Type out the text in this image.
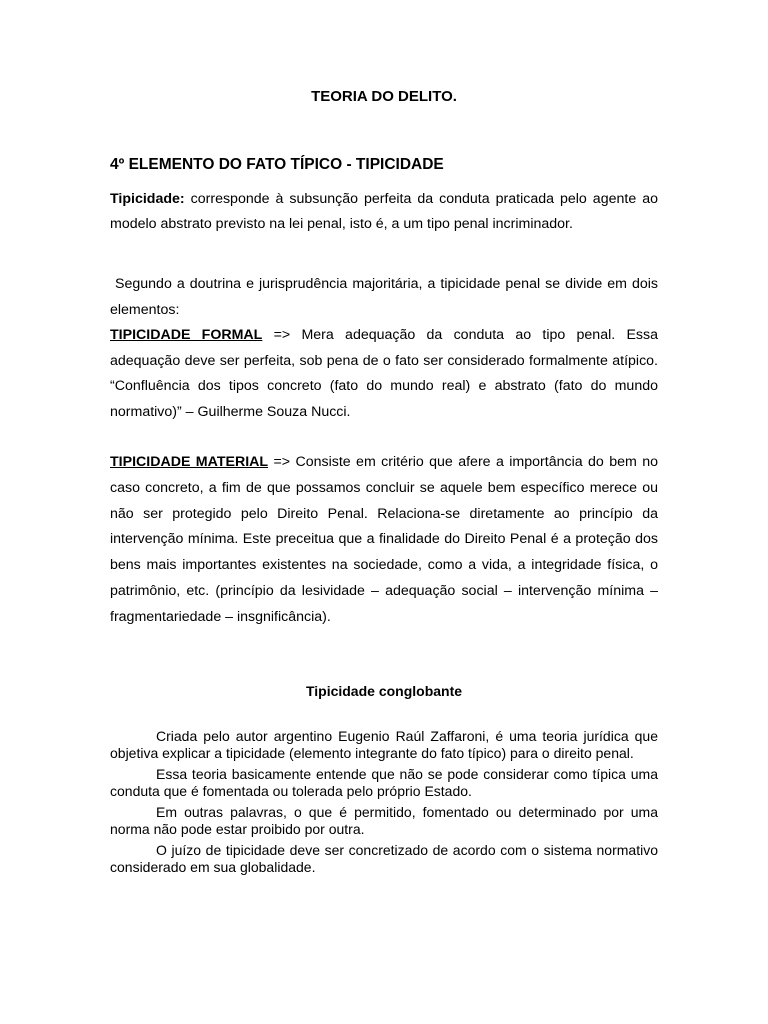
TEORIA DO DELITO.
4º ELEMENTO DO FATO TÍPICO - TIPICIDADE

Tipicidade: corresponde à subsunção perfeita da conduta praticada pelo agente ao modelo abstrato previsto na lei penal, isto é, a um tipo penal incriminador.

Segundo a doutrina e jurisprudência majoritária, a tipicidade penal se divide em dois elementos:
TIPICIDADE FORMAL => Mera adequação da conduta ao tipo penal. Essa adequação deve ser perfeita, sob pena de o fato ser considerado formalmente atípico. “Confluência dos tipos concreto (fato do mundo real) e abstrato (fato do mundo normativo)” – Guilherme Souza Nucci.

TIPICIDADE MATERIAL => Consiste em critério que afere a importância do bem no caso concreto, a fim de que possamos concluir se aquele bem específico merece ou não ser protegido pelo Direito Penal. Relaciona-se diretamente ao princípio da intervenção mínima. Este preceitua que a finalidade do Direito Penal é a proteção dos bens mais importantes existentes na sociedade, como a vida, a integridade física, o patrimônio, etc. (princípio da lesividade – adequação social – intervenção mínima – fragmentariedade – insgnificância).

Tipicidade conglobante

Criada pelo autor argentino Eugenio Raúl Zaffaroni, é uma teoria jurídica que objetiva explicar a tipicidade (elemento integrante do fato típico) para o direito penal.

Essa teoria basicamente entende que não se pode considerar como típica uma conduta que é fomentada ou tolerada pelo próprio Estado.

Em outras palavras, o que é permitido, fomentado ou determinado por uma norma não pode estar proibido por outra.

O juízo de tipicidade deve ser concretizado de acordo com o sistema normativo considerado em sua globalidade.
